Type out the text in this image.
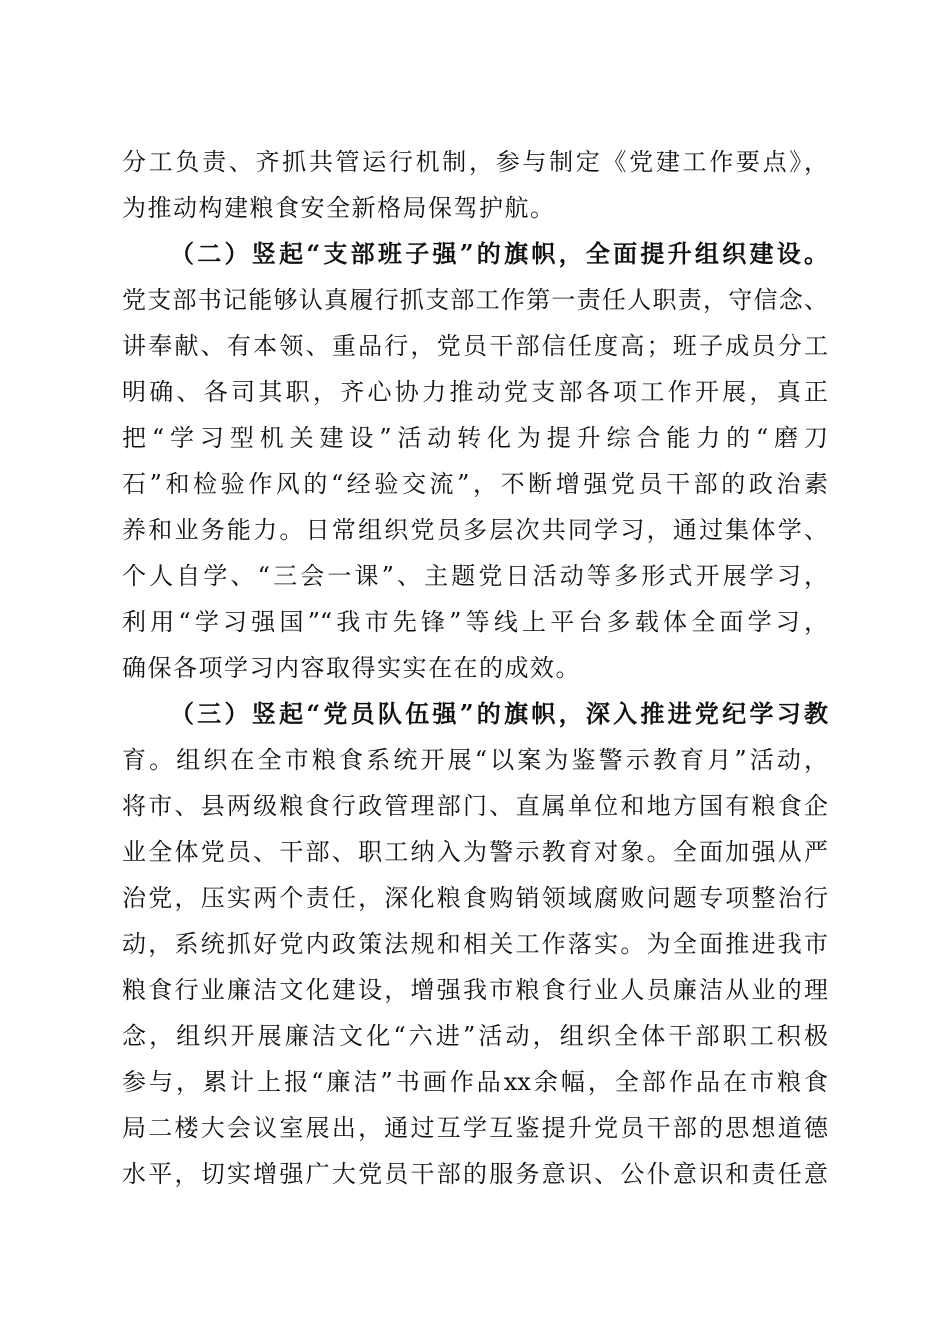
分工负责、齐抓共管运行机制，参与制定《党建工作要点》，
为推动构建粮食安全新格局保驾护航。
（二）竖起“支部班子强”的旗帜，全面提升组织建设。
党支部书记能够认真履行抓支部工作第一责任人职责，守信念、
讲奉献、有本领、重品行，党员干部信任度高；班子成员分工
明确、各司其职，齐心协力推动党支部各项工作开展，真正
把“学习型机关建设”活动转化为提升综合能力的“磨刀
石”和检验作风的“经验交流”，不断增强党员干部的政治素
养和业务能力。日常组织党员多层次共同学习，通过集体学、
个人自学、“三会一课”、主题党日活动等多形式开展学习，
利用“学习强国”“我市先锋”等线上平台多载体全面学习，
确保各项学习内容取得实实在在的成效。
（三）竖起“党员队伍强”的旗帜，深入推进党纪学习教
育。组织在全市粮食系统开展“以案为鉴警示教育月”活动，
将市、县两级粮食行政管理部门、直属单位和地方国有粮食企
业全体党员、干部、职工纳入为警示教育对象。全面加强从严
治党，压实两个责任，深化粮食购销领域腐败问题专项整治行
动，系统抓好党内政策法规和相关工作落实。为全面推进我市
粮食行业廉洁文化建设，增强我市粮食行业人员廉洁从业的理
念，组织开展廉洁文化“六进”活动，组织全体干部职工积极
参与，累计上报“廉洁”书画作品xx余幅，全部作品在市粮食
局二楼大会议室展出，通过互学互鉴提升党员干部的思想道德
水平，切实增强广大党员干部的服务意识、公仆意识和责任意
